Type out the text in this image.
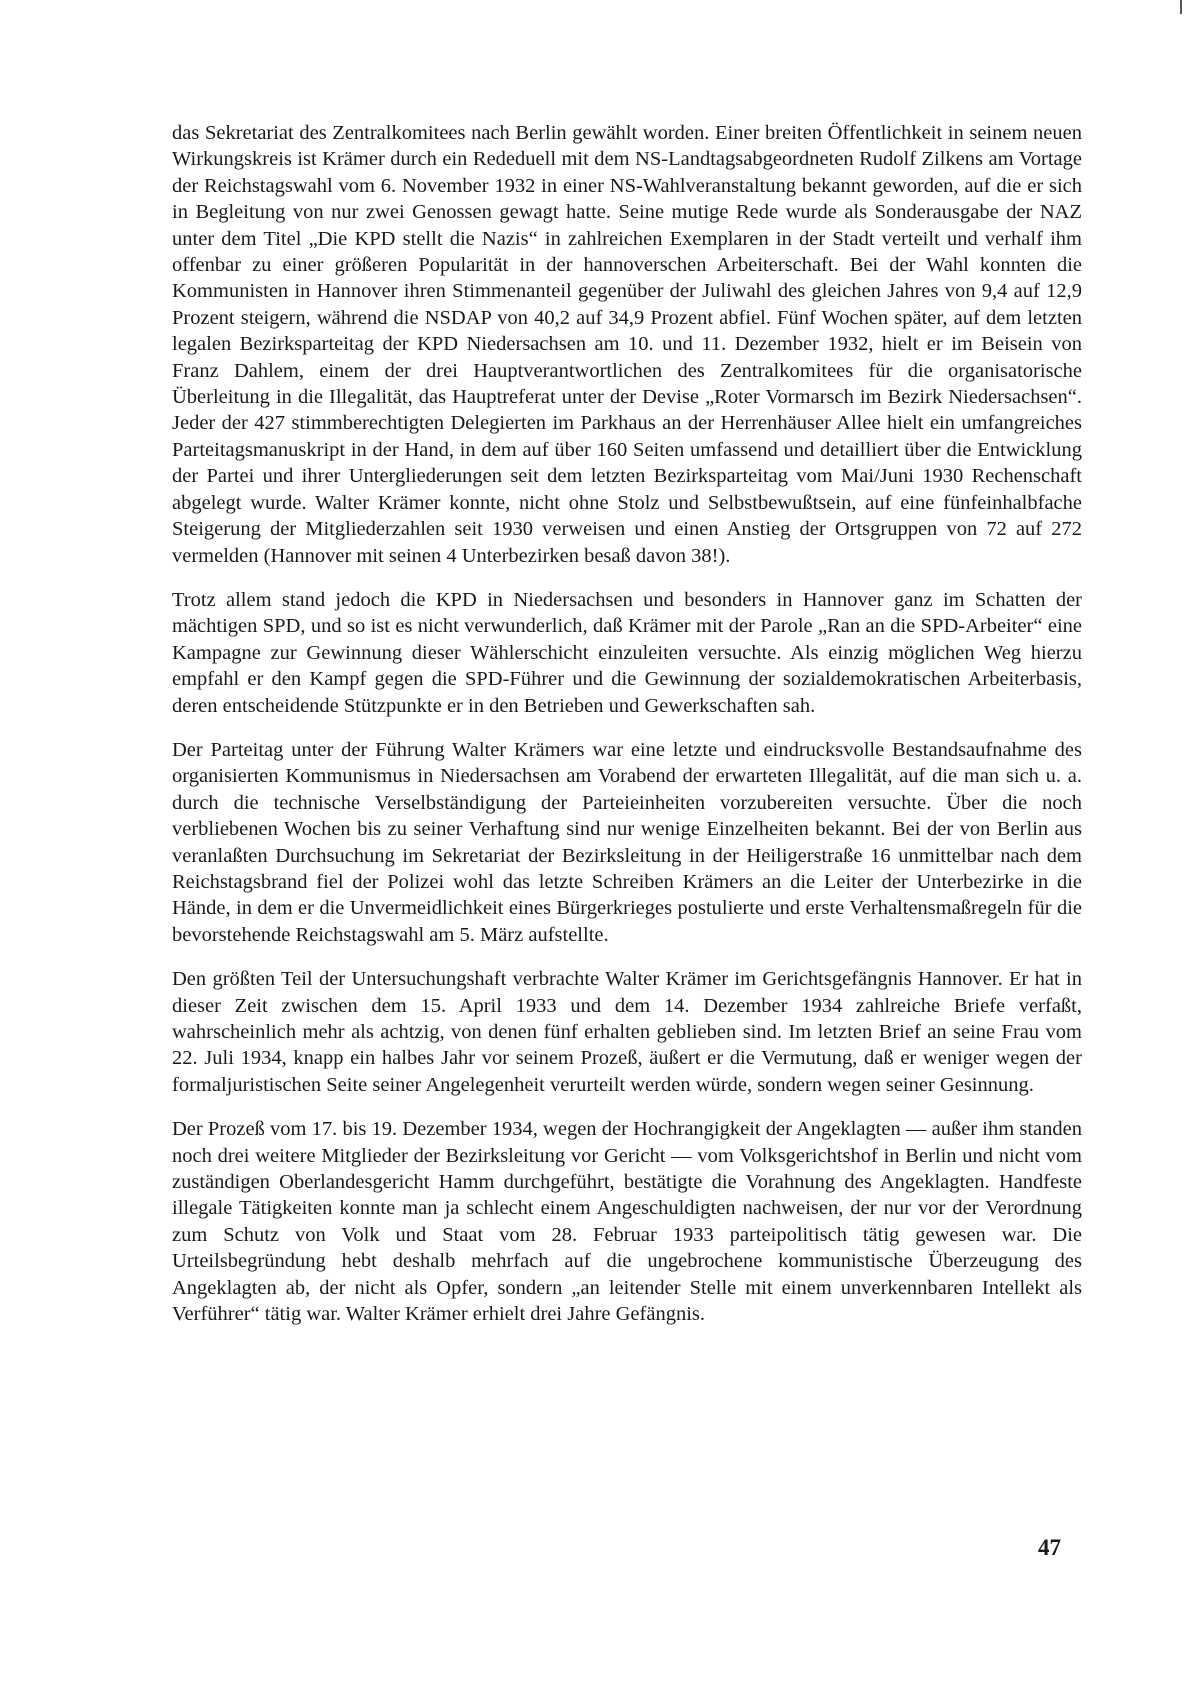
das Sekretariat des Zentralkomitees nach Berlin gewählt worden. Einer breiten Öffentlichkeit in seinem neuen Wirkungskreis ist Krämer durch ein Rededuell mit dem NS-Landtagsabgeordneten Rudolf Zilkens am Vortage der Reichstagswahl vom 6. November 1932 in einer NS-Wahlveranstaltung bekannt geworden, auf die er sich in Begleitung von nur zwei Genossen gewagt hatte. Seine mutige Rede wurde als Sonderausgabe der NAZ unter dem Titel „Die KPD stellt die Nazis“ in zahlreichen Exemplaren in der Stadt verteilt und verhalf ihm offenbar zu einer größeren Popularität in der hannoverschen Arbeiterschaft. Bei der Wahl konnten die Kommunisten in Hannover ihren Stimmenanteil gegenüber der Juliwahl des gleichen Jahres von 9,4 auf 12,9 Prozent steigern, während die NSDAP von 40,2 auf 34,9 Prozent abfiel. Fünf Wochen später, auf dem letzten legalen Bezirksparteitag der KPD Niedersachsen am 10. und 11. Dezember 1932, hielt er im Beisein von Franz Dahlem, einem der drei Hauptverantwortlichen des Zentralkomitees für die organisatorische Überleitung in die Illegalität, das Hauptreferat unter der Devise „Roter Vormarsch im Bezirk Niedersachsen“. Jeder der 427 stimmberechtigten Delegierten im Parkhaus an der Herrenhäuser Allee hielt ein umfangreiches Parteitagsmanuskript in der Hand, in dem auf über 160 Seiten umfassend und detailliert über die Entwicklung der Partei und ihrer Untergliederungen seit dem letzten Bezirksparteitag vom Mai/Juni 1930 Rechenschaft abgelegt wurde. Walter Krämer konnte, nicht ohne Stolz und Selbstbewußtsein, auf eine fünfeinhalbfache Steigerung der Mitgliederzahlen seit 1930 verweisen und einen Anstieg der Ortsgruppen von 72 auf 272 vermelden (Hannover mit seinen 4 Unterbezirken besaß davon 38!).

Trotz allem stand jedoch die KPD in Niedersachsen und besonders in Hannover ganz im Schatten der mächtigen SPD, und so ist es nicht verwunderlich, daß Krämer mit der Parole „Ran an die SPD-Arbeiter“ eine Kampagne zur Gewinnung dieser Wählerschicht einzuleiten versuchte. Als einzig möglichen Weg hierzu empfahl er den Kampf gegen die SPD-Führer und die Gewinnung der sozialdemokratischen Arbeiterbasis, deren entscheidende Stützpunkte er in den Betrieben und Gewerkschaften sah.

Der Parteitag unter der Führung Walter Krämers war eine letzte und eindrucksvolle Bestandsaufnahme des organisierten Kommunismus in Niedersachsen am Vorabend der erwarteten Illegalität, auf die man sich u. a. durch die technische Verselbständigung der Parteieinheiten vorzubereiten versuchte. Über die noch verbliebenen Wochen bis zu seiner Verhaftung sind nur wenige Einzelheiten bekannt. Bei der von Berlin aus veranlaßten Durchsuchung im Sekretariat der Bezirksleitung in der Heiligerstraße 16 unmittelbar nach dem Reichstagsbrand fiel der Polizei wohl das letzte Schreiben Krämers an die Leiter der Unterbezirke in die Hände, in dem er die Unvermeidlichkeit eines Bürgerkrieges postulierte und erste Verhaltensmaßregeln für die bevorstehende Reichstagswahl am 5. März aufstellte.

Den größten Teil der Untersuchungshaft verbrachte Walter Krämer im Gerichtsgefängnis Hannover. Er hat in dieser Zeit zwischen dem 15. April 1933 und dem 14. Dezember 1934 zahlreiche Briefe verfaßt, wahrscheinlich mehr als achtzig, von denen fünf erhalten geblieben sind. Im letzten Brief an seine Frau vom 22. Juli 1934, knapp ein halbes Jahr vor seinem Prozeß, äußert er die Vermutung, daß er weniger wegen der formaljuristischen Seite seiner Angelegenheit verurteilt werden würde, sondern wegen seiner Gesinnung.

Der Prozeß vom 17. bis 19. Dezember 1934, wegen der Hochrangigkeit der Angeklagten — außer ihm standen noch drei weitere Mitglieder der Bezirksleitung vor Gericht — vom Volksgerichtshof in Berlin und nicht vom zuständigen Oberlandesgericht Hamm durchgeführt, bestätigte die Vorahnung des Angeklagten. Handfeste illegale Tätigkeiten konnte man ja schlecht einem Angeschuldigten nachweisen, der nur vor der Verordnung zum Schutz von Volk und Staat vom 28. Februar 1933 parteipolitisch tätig gewesen war. Die Urteilsbegründung hebt deshalb mehrfach auf die ungebrochene kommunistische Überzeugung des Angeklagten ab, der nicht als Opfer, sondern „an leitender Stelle mit einem unverkennbaren Intellekt als Verführer“ tätig war. Walter Krämer erhielt drei Jahre Gefängnis.

47
